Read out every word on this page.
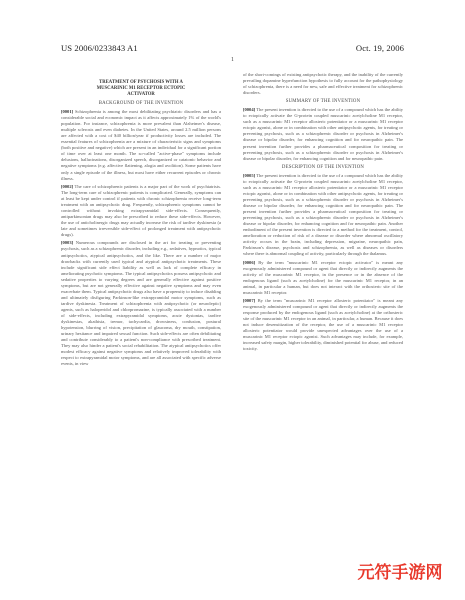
US 2006/0233843 A1	Oct. 19, 2006
1
TREATMENT OF PSYCHOSIS WITH A
MUSCARINIC M1 RECEPTOR ECTOPIC
ACTIVATOR
BACKGROUND OF THE INVENTION

[0001] Schizophrenia is among the most debilitating psychiatric disorders and has a considerable social and economic impact as it affects approximately 1% of the world's population. For instance, schizophrenia is more prevalent than Alzheimer's disease, multiple sclerosis and even diabetes. In the United States, around 2.5 million persons are affected with a cost of $40 billion/year if productivity losses are included. The essential features of schizophrenia are a mixture of characteristic signs and symptoms (both positive and negative) which are present in an individual for a significant portion of time over at least one month. The so-called "active-phase" symptoms include delusions, hallucinations, disorganized speech, disorganized or catatonic behavior and negative symptoms (e.g. affective flattening, alogia and avolition). Some patients have only a single episode of the illness, but most have either recurrent episodes or chronic illness.

[0002] The care of schizophrenic patients is a major part of the work of psychiatrists. The long-term care of schizophrenic patients is complicated. Generally, symptoms can at least be kept under control if patients with chronic schizophrenia receive long-term treatment with an antipsychotic drug. Frequently, schizophrenic symptoms cannot be controlled without invoking extrapyramidal side-effects. Consequently, antiparkinsonian drugs may also be prescribed to reduce these side-effects. However, the use of anticholinergic drugs may actually increase the risk of tardive dyskinesia (a late and sometimes irreversible side-effect of prolonged treatment with antipsychotic drugs).

[0003] Numerous compounds are disclosed in the art for treating or preventing psychosis, such as a schizophrenic disorder, including e.g., sedatives, hypnotics, typical antipsychotics, atypical antipsychotics, and the like. There are a number of major drawbacks with currently used typical and atypical antipsychotic treatments. These include significant side effect liability as well as lack of complete efficacy in ameliorating psychotic symptoms. The typical antipsychotics possess antipsychotic and sedative properties to varying degrees and are generally effective against positive symptoms, but are not generally effective against negative symptoms and may even exacerbate them. Typical antipsychotic drugs also have a propensity to induce disabling and ultimately disfiguring Parkinson-like extrapyramidal motor symptoms, such as tardive dyskinesia. Treatment of schizophrenia with antipsychotic (or neuroleptic) agents, such as haloperidol and chlorpromazine, is typically associated with a number of side-effects, including extrapyramidal symptoms, acute dystonias, tardive dyskinesias, akathisia, tremor, tachycardia, drowsiness, confusion, postural hypotension, blurring of vision, precipitation of glaucoma, dry mouth, constipation, urinary hesitance and impaired sexual function. Such side-effects are often debilitating and contribute considerably to a patient's non-compliance with prescribed treatment. They may also hinder a patient's social rehabilitation. The atypical antipsychotics offer modest efficacy against negative symptoms and relatively improved tolerability with respect to extrapyramidal motor symptoms, and are all associated with specific adverse events, in view

of the short-comings of existing antipsychotic therapy, and the inability of the currently prevailing dopamine hyperfunction hypothesis to fully account for the pathophysiology of schizophrenia, there is a need for new, safe and effective treatment for schizophrenic disorders.

SUMMARY OF THE INVENTION

[0004] The present invention is directed to the use of a compound which has the ability to ectopically activate the G-protein coupled muscarinic acetylcholine M1 receptor, such as a muscarinic M1 receptor allosteric potentiator or a muscarinic M1 receptor ectopic agonist, alone or in combination with other antipsychotic agents, for treating or preventing psychosis, such as a schizophrenic disorder or psychosis in Alzheimer's disease or bipolar disorder, for enhancing cognition and for neuropathic pain. The present invention further provides a pharmaceutical composition for treating or preventing psychosis, such as a schizophrenic disorder or psychosis in Alzheimer's disease or bipolar disorder, for enhancing cognition and for neuropathic pain.

DESCRIPTION OF THE INVENTION

[0005] The present invention is directed to the use of a compound which has the ability to ectopically activate the G-protein coupled muscarinic acetylcholine M1 receptor, such as a muscarinic M1 receptor allosteric potentiator or a muscarinic M1 receptor ectopic agonist, alone or in combination with other antipsychotic agents, for treating or preventing psychosis, such as a schizophrenic disorder or psychosis in Alzheimer's disease or bipolar disorder, for enhancing cognition and for neuropathic pain. The present invention further provides a pharmaceutical composition for treating or preventing psychosis, such as a schizophrenic disorder or psychosis in Alzheimer's disease or bipolar disorder, for enhancing cognition and for neuropathic pain. Another embodiment of the present invention is directed to a method for the treatment, control, amelioration or reduction of risk of a disease or disorder where abnormal oscillatory activity occurs in the brain, including depression, migraine, neuropathic pain, Parkinson's disease, psychosis and schizophrenia, as well as diseases or disorders where there is abnormal coupling of activity, particularly through the thalamus.

[0006] By the term "muscarinic M1 receptor ectopic activator" is meant any exogenously administered compound or agent that directly or indirectly augments the activity of the muscarinic M1 receptor, in the presence or in the absence of the endogenous ligand (such as acetylcholine) for the muscarinic M1 receptor, in an animal, in particular a human, but does not interact with the orthosteric site of the muscarinic M1 receptor.

[0007] By the term "muscarinic M1 receptor allosteric potentiator" is meant any exogenously administered compound or agent that directly or indirectly augments the response produced by the endogenous ligand (such as acetylcholine) at the orthosteric site of the muscarinic M1 receptor in an animal, in particular, a human. Because it does not induce desensitization of the receptor, the use of a muscarinic M1 receptor allosteric potentiator would provide unexpected advantages over the use of a muscarinic M1 receptor ectopic agonist. Such advantages may include, for example, increased safety margin, higher tolerability, diminished potential for abuse, and reduced toxicity.

元符手游网
